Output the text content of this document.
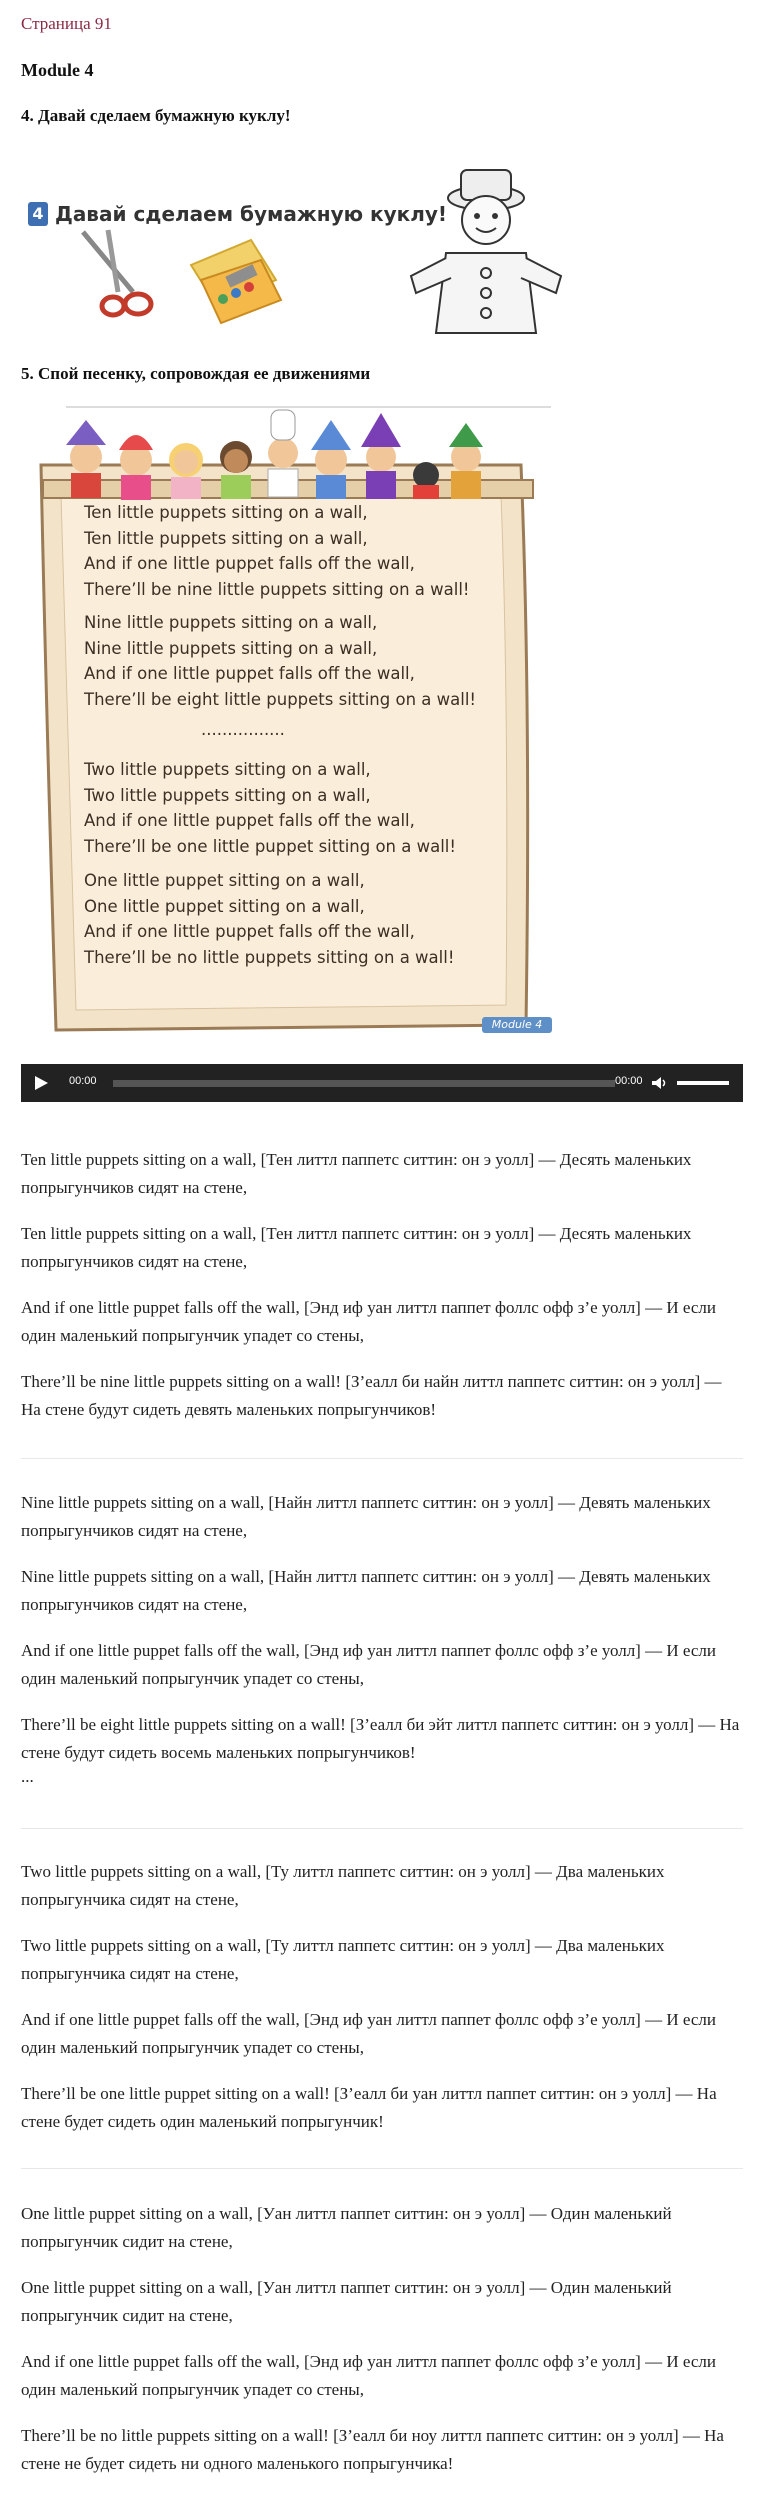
Страница 91
Module 4
4. Давай сделаем бумажную куклу!
4 Давай сделаем бумажную куклу!
5. Спой песенку, сопровождая ее движениями
Ten little puppets sitting on a wall,
Ten little puppets sitting on a wall,
And if one little puppet falls off the wall,
There’ll be nine little puppets sitting on a wall!
Nine little puppets sitting on a wall,
Nine little puppets sitting on a wall,
And if one little puppet falls off the wall,
There’ll be eight little puppets sitting on a wall!
................
Two little puppets sitting on a wall,
Two little puppets sitting on a wall,
And if one little puppet falls off the wall,
There’ll be one little puppet sitting on a wall!
One little puppet sitting on a wall,
One little puppet sitting on a wall,
And if one little puppet falls off the wall,
There’ll be no little puppets sitting on a wall!
Module 4
00:00	00:00
Ten little puppets sitting on a wall, [Тен литтл паппетс ситтин: он э уолл] — Десять маленьких попрыгунчиков сидят на стене,
Ten little puppets sitting on a wall, [Тен литтл паппетс ситтин: он э уолл] — Десять маленьких попрыгунчиков сидят на стене,
And if one little puppet falls off the wall, [Энд иф уан литтл паппет фоллс офф з’е уолл] — И если один маленький попрыгунчик упадет со стены,
There’ll be nine little puppets sitting on a wall! [З’еалл би найн литтл паппетс ситтин: он э уолл] — На стене будут сидеть девять маленьких попрыгунчиков!
Nine little puppets sitting on a wall, [Найн литтл паппетс ситтин: он э уолл] — Девять маленьких попрыгунчиков сидят на стене,
Nine little puppets sitting on a wall, [Найн литтл паппетс ситтин: он э уолл] — Девять маленьких попрыгунчиков сидят на стене,
And if one little puppet falls off the wall, [Энд иф уан литтл паппет фоллс офф з’е уолл] — И если один маленький попрыгунчик упадет со стены,
There’ll be eight little puppets sitting on a wall! [З’еалл би эйт литтл паппетс ситтин: он э уолл] — На стене будут сидеть восемь маленьких попрыгунчиков!
...
Two little puppets sitting on a wall, [Ту литтл паппетс ситтин: он э уолл] — Два маленьких попрыгунчика сидят на стене,
Two little puppets sitting on a wall, [Ту литтл паппетс ситтин: он э уолл] — Два маленьких попрыгунчика сидят на стене,
And if one little puppet falls off the wall, [Энд иф уан литтл паппет фоллс офф з’е уолл] — И если один маленький попрыгунчик упадет со стены,
There’ll be one little puppet sitting on a wall! [З’еалл би уан литтл паппет ситтин: он э уолл] — На стене будет сидеть один маленький попрыгунчик!
One little puppet sitting on a wall, [Уан литтл паппет ситтин: он э уолл] — Один маленький попрыгунчик сидит на стене,
One little puppet sitting on a wall, [Уан литтл паппет ситтин: он э уолл] — Один маленький попрыгунчик сидит на стене,
And if one little puppet falls off the wall, [Энд иф уан литтл паппет фоллс офф з’е уолл] — И если один маленький попрыгунчик упадет со стены,
There’ll be no little puppets sitting on a wall! [З’еалл би ноу литтл паппетс ситтин: он э уолл] — На стене не будет сидеть ни одного маленького попрыгунчика!
